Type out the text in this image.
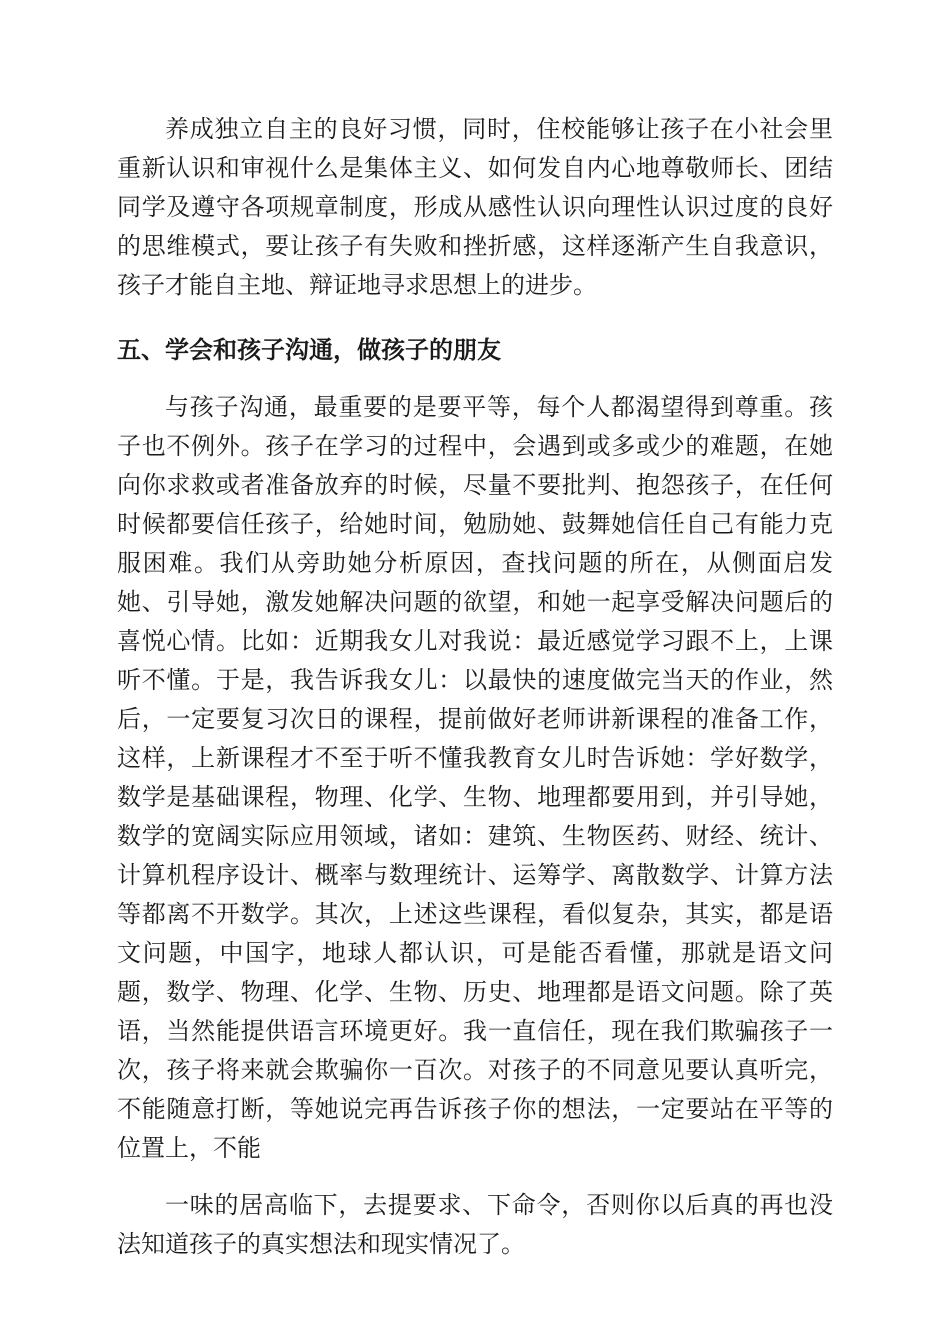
养成独立自主的良好习惯，同时，住校能够让孩子在小社会里重新认识和审视什么是集体主义、如何发自内心地尊敬师长、团结同学及遵守各项规章制度，形成从感性认识向理性认识过度的良好的思维模式，要让孩子有失败和挫折感，这样逐渐产生自我意识，孩子才能自主地、辩证地寻求思想上的进步。

五、学会和孩子沟通，做孩子的朋友

与孩子沟通，最重要的是要平等，每个人都渴望得到尊重。孩子也不例外。孩子在学习的过程中，会遇到或多或少的难题，在她向你求救或者准备放弃的时候，尽量不要批判、抱怨孩子，在任何时候都要信任孩子，给她时间，勉励她、鼓舞她信任自己有能力克服困难。我们从旁助她分析原因，查找问题的所在，从侧面启发她、引导她，激发她解决问题的欲望，和她一起享受解决问题后的喜悦心情。比如：近期我女儿对我说：最近感觉学习跟不上，上课听不懂。于是，我告诉我女儿：以最快的速度做完当天的作业，然后，一定要复习次日的课程，提前做好老师讲新课程的准备工作，这样，上新课程才不至于听不懂我教育女儿时告诉她：学好数学，数学是基础课程，物理、化学、生物、地理都要用到，并引导她，数学的宽阔实际应用领域，诸如：建筑、生物医药、财经、统计、计算机程序设计、概率与数理统计、运筹学、离散数学、计算方法等都离不开数学。其次，上述这些课程，看似复杂，其实，都是语文问题，中国字，地球人都认识，可是能否看懂，那就是语文问题，数学、物理、化学、生物、历史、地理都是语文问题。除了英语，当然能提供语言环境更好。我一直信任，现在我们欺骗孩子一次，孩子将来就会欺骗你一百次。对孩子的不同意见要认真听完，不能随意打断，等她说完再告诉孩子你的想法，一定要站在平等的位置上，不能

一味的居高临下，去提要求、下命令，否则你以后真的再也没法知道孩子的真实想法和现实情况了。
